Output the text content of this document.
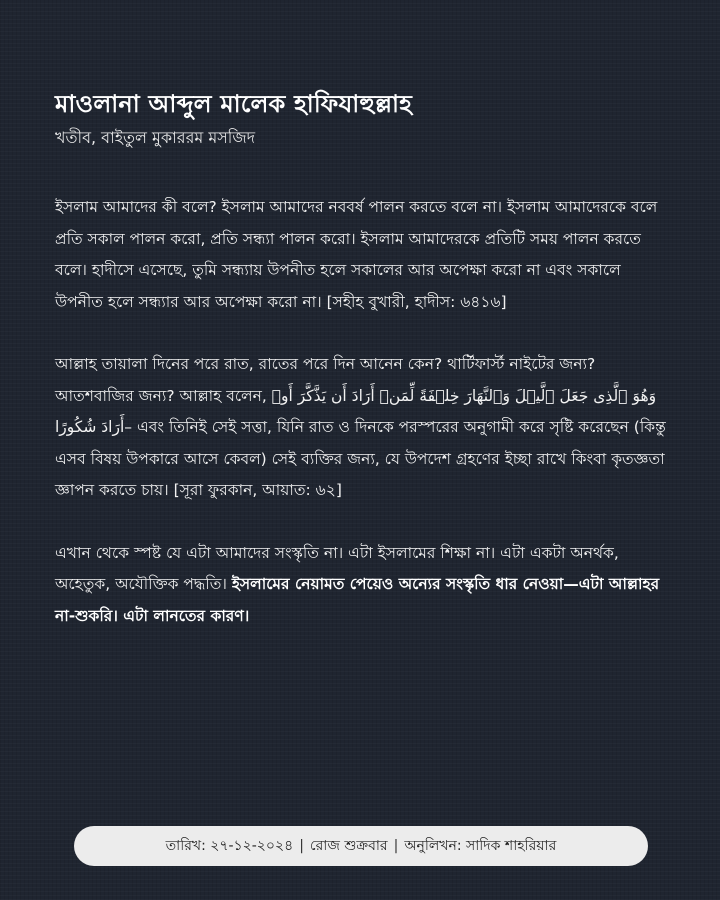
মাওলানা আব্দুল মালেক হাফিযাহুল্লাহ

খতীব, বাইতুল মুকাররম মসজিদ

ইসলাম আমাদের কী বলে? ইসলাম আমাদের নববর্ষ পালন করতে বলে না। ইসলাম আমাদেরকে বলে প্রতি সকাল পালন করো, প্রতি সন্ধ্যা পালন করো। ইসলাম আমাদেরকে প্রতিটি সময় পালন করতে বলে। হাদীসে এসেছে, তুমি সন্ধ্যায় উপনীত হলে সকালের আর অপেক্ষা করো না এবং সকালে উপনীত হলে সন্ধ্যার আর অপেক্ষা করো না। [সহীহ বুখারী, হাদীস: ৬৪১৬]

আল্লাহ তায়ালা দিনের পরে রাত, রাতের পরে দিন আনেন কেন? থার্টিফার্স্ট নাইটের জন্য? আতশবাজির জন্য? আল্লাহ বলেন, وَهُوَ ٱلَّذِى جَعَلَ ٱلَّيۡلَ وَٱلنَّهَارَ خِلۡفَةً لِّمَنۡ أَرَادَ أَن يَذَّكَّرَ أَوۡ أَرَادَ شُكُورًا– এবং তিনিই সেই সত্তা, যিনি রাত ও দিনকে পরস্পরের অনুগামী করে সৃষ্টি করেছেন (কিন্তু এসব বিষয় উপকারে আসে কেবল) সেই ব্যক্তির জন্য, যে উপদেশ গ্রহণের ইচ্ছা রাখে কিংবা কৃতজ্ঞতা জ্ঞাপন করতে চায়। [সূরা ফুরকান, আয়াত: ৬২]

এখান থেকে স্পষ্ট যে এটা আমাদের সংস্কৃতি না। এটা ইসলামের শিক্ষা না। এটা একটা অনর্থক, অহেতুক, অযৌক্তিক পদ্ধতি। ইসলামের নেয়ামত পেয়েও অন্যের সংস্কৃতি ধার নেওয়া—এটা আল্লাহর না-শুকরি। এটা লানতের কারণ।

তারিখ: ২৭-১২-২০২৪ | রোজ শুক্রবার | অনুলিখন: সাদিক শাহরিয়ার
